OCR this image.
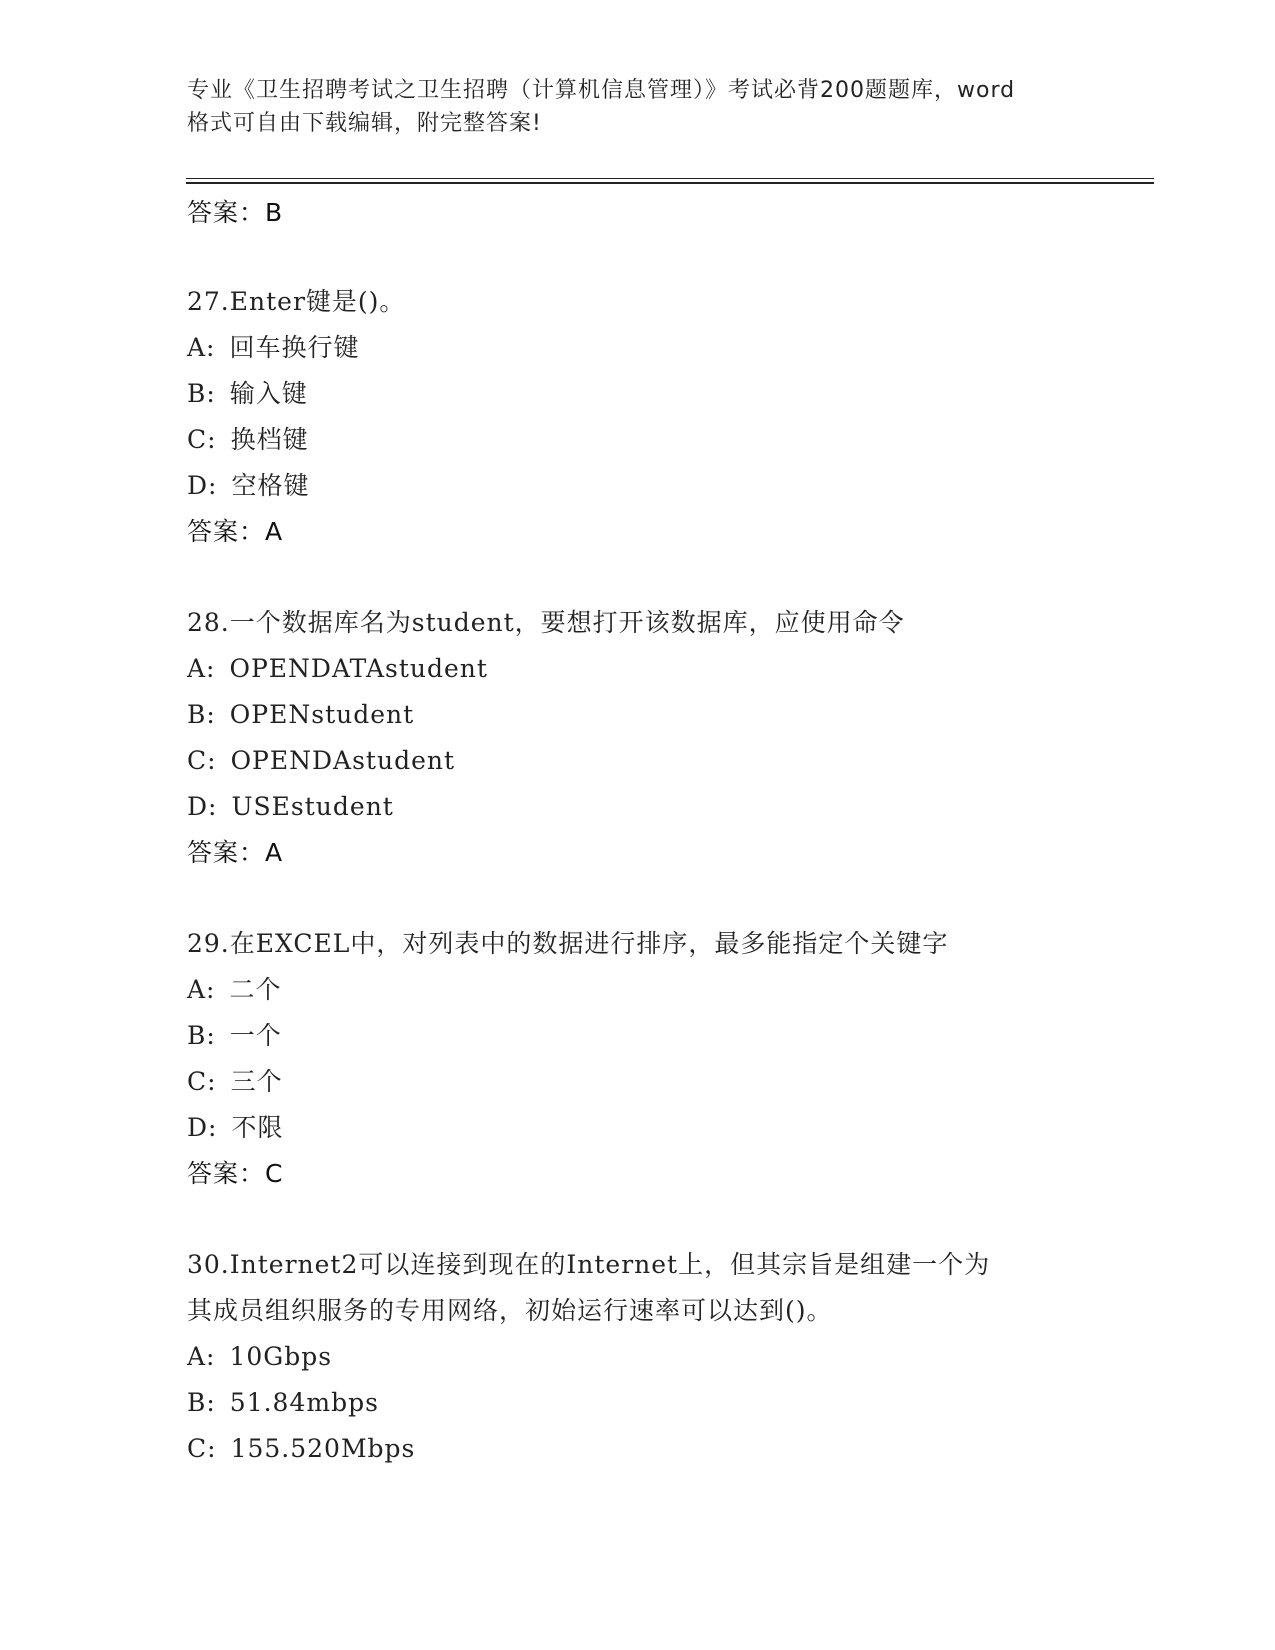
专业《卫生招聘考试之卫生招聘（计算机信息管理）》考试必背200题题库，word
格式可自由下载编辑，附完整答案!
答案：B
27.Enter键是()。
A: 回车换行键
B: 输入键
C: 换档键
D: 空格键
答案：A
28.一个数据库名为student，要想打开该数据库，应使用命令
A: OPENDATAstudent
B: OPENstudent
C: OPENDAstudent
D: USEstudent
答案：A
29.在EXCEL中，对列表中的数据进行排序，最多能指定个关键字
A: 二个
B: 一个
C: 三个
D: 不限
答案：C
30.Internet2可以连接到现在的Internet上，但其宗旨是组建一个为
其成员组织服务的专用网络，初始运行速率可以达到()。
A: 10Gbps
B: 51.84mbps
C: 155.520Mbps
